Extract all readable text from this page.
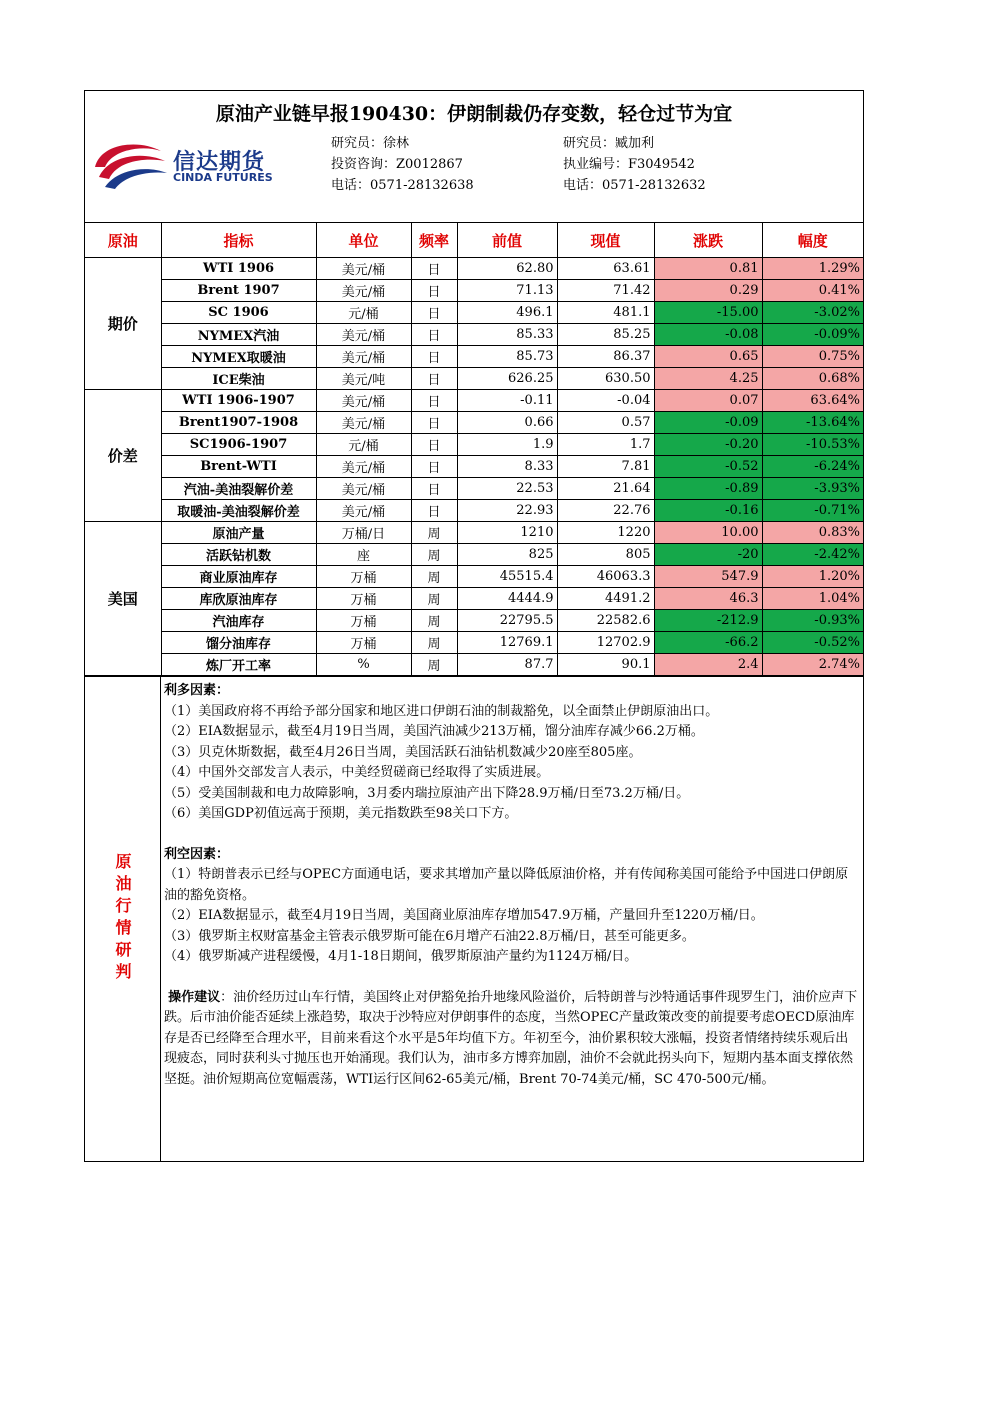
原油产业链早报190430：伊朗制裁仍存变数，轻仓过节为宜
信达期货
CINDA FUTURES
研究员：徐林
投资咨询：Z0012867
电话：0571-28132638
研究员：臧加利
执业编号：F3049542
电话：0571-28132632
原油	指标	单位	频率	前值	现值	涨跌	幅度
期价	WTI 1906	美元/桶	日	62.80	63.61	0.81	1.29%
	Brent 1907	美元/桶	日	71.13	71.42	0.29	0.41%
	SC 1906	元/桶	日	496.1	481.1	-15.00	-3.02%
	NYMEX汽油	美元/桶	日	85.33	85.25	-0.08	-0.09%
	NYMEX取暖油	美元/桶	日	85.73	86.37	0.65	0.75%
	ICE柴油	美元/吨	日	626.25	630.50	4.25	0.68%
价差	WTI 1906-1907	美元/桶	日	-0.11	-0.04	0.07	63.64%
	Brent1907-1908	美元/桶	日	0.66	0.57	-0.09	-13.64%
	SC1906-1907	元/桶	日	1.9	1.7	-0.20	-10.53%
	Brent-WTI	美元/桶	日	8.33	7.81	-0.52	-6.24%
	汽油-美油裂解价差	美元/桶	日	22.53	21.64	-0.89	-3.93%
	取暖油-美油裂解价差	美元/桶	日	22.93	22.76	-0.16	-0.71%
美国	原油产量	万桶/日	周	1210	1220	10.00	0.83%
	活跃钻机数	座	周	825	805	-20	-2.42%
	商业原油库存	万桶	周	45515.4	46063.3	547.9	1.20%
	库欣原油库存	万桶	周	4444.9	4491.2	46.3	1.04%
	汽油库存	万桶	周	22795.5	22582.6	-212.9	-0.93%
	馏分油库存	万桶	周	12769.1	12702.9	-66.2	-0.52%
	炼厂开工率	%	周	87.7	90.1	2.4	2.74%
原油行情研判

利多因素：

（1）美国政府将不再给予部分国家和地区进口伊朗石油的制裁豁免，以全面禁止伊朗原油出口。

（2）EIA数据显示，截至4月19日当周，美国汽油减少213万桶，馏分油库存减少66.2万桶。

（3）贝克休斯数据，截至4月26日当周，美国活跃石油钻机数减少20座至805座。

（4）中国外交部发言人表示，中美经贸磋商已经取得了实质进展。

（5）受美国制裁和电力故障影响，3月委内瑞拉原油产出下降28.9万桶/日至73.2万桶/日。

（6）美国GDP初值远高于预期，美元指数跌至98关口下方。

利空因素：

（1）特朗普表示已经与OPEC方面通电话，要求其增加产量以降低原油价格，并有传闻称美国可能给予中国进口伊朗原油的豁免资格。

（2）EIA数据显示，截至4月19日当周，美国商业原油库存增加547.9万桶，产量回升至1220万桶/日。

（3）俄罗斯主权财富基金主管表示俄罗斯可能在6月增产石油22.8万桶/日，甚至可能更多。

（4）俄罗斯减产进程缓慢，4月1-18日期间，俄罗斯原油产量约为1124万桶/日。

操作建议：油价经历过山车行情，美国终止对伊豁免抬升地缘风险溢价，后特朗普与沙特通话事件现罗生门，油价应声下跌。后市油价能否延续上涨趋势，取决于沙特应对伊朗事件的态度，当然OPEC产量政策改变的前提要考虑OECD原油库存是否已经降至合理水平，目前来看这个水平是5年均值下方。年初至今，油价累积较大涨幅，投资者情绪持续乐观后出现疲态，同时获利头寸抛压也开始涌现。我们认为，油市多方博弈加剧，油价不会就此拐头向下，短期内基本面支撑依然坚挺。油价短期高位宽幅震荡，WTI运行区间62-65美元/桶，Brent 70-74美元/桶，SC 470-500元/桶。
